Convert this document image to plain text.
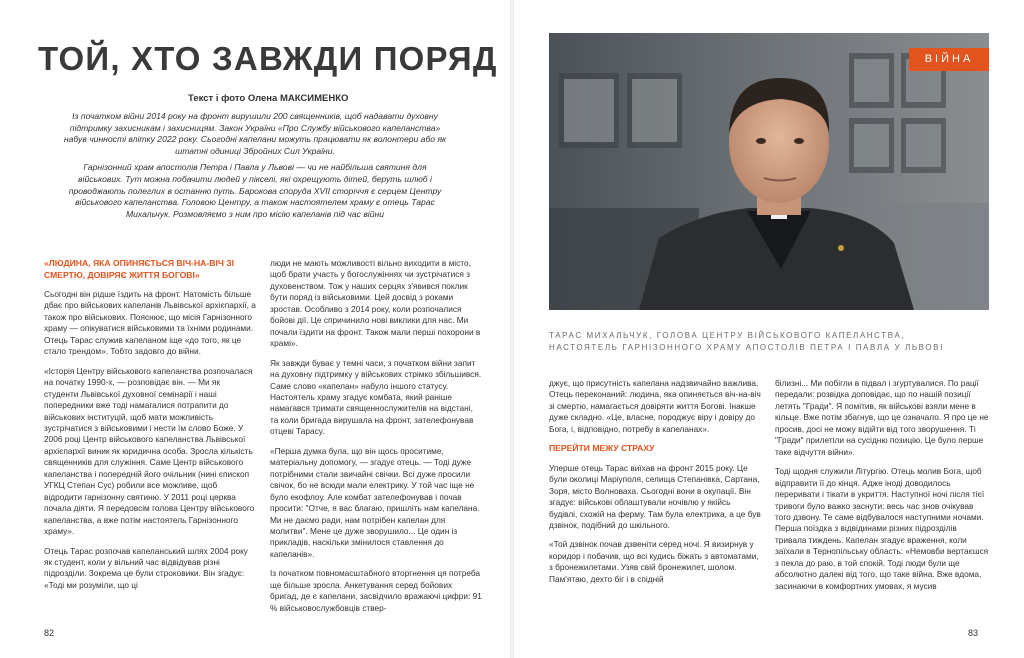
ТОЙ, ХТО ЗАВЖДИ ПОРЯД
Текст і фото Олена МАКСИМЕНКО

Із початком війни 2014 року на фронт вирушили 200 священників, щоб надавати духовну підтримку захисникам і захисницям. Закон України «Про Службу військового капеланства» набув чинності влітку 2022 року. Сьогодні капелани можуть працювати як волонтери або як штатні одиниці Збройних Сил України.

Гарнізонний храм апостолів Петра і Павла у Львові — чи не найбільша святиня для військових. Тут можна побачити людей у пікселі, які охрещують дітей, беруть шлюб і проводжають полеглих в останню путь. Барокова споруда XVII сторіччя є серцем Центру військового капеланства. Головою Центру, а також настоятелем храму є отець Тарас Михальчук. Розмовляємо з ним про місію капеланів під час війни

«ЛЮДИНА, ЯКА ОПИНЯЄТЬСЯ ВІЧ-НА-ВІЧ ЗІ СМЕРТЮ, ДОВІРЯЄ ЖИТТЯ БОГОВІ»

Сьогодні він рідше їздить на фронт. Натомість більше дбає про військових капеланів Львівської архієпархії, а також про військових. Пояснює, що місія Гарнізонного храму — опікуватися військовими та їхніми родинами. Отець Тарас служив капеланом іще «до того, як це стало трендом». Тобто задовго до війни.

«Історія Центру військового капеланства розпочалася на початку 1990-х, — розповідає він. — Ми як студенти Львівської духовної семінарії і наші попередники вже тоді намагалися потрапити до військових інституцій, щоб мати можливість зустрічатися з військовими і нести їм слово Боже. У 2006 році Центр військового капеланства Львівської архієпархії виник як юридична особа. Зросла кількість священників для служіння. Саме Центр військового капеланства і попередній його очільник (нині єпископ УГКЦ Степан Сус) робили все можливе, щоб відродити гарнізонну святиню. У 2011 році церква почала діяти. Я передовсім голова Центру військового капеланства, а вже потім настоятель Гарнізонного храму».

Отець Тарас розпочав капеланський шлях 2004 року як студент, коли у вільний час відвідував різні підрозділи. Зокрема це були строковики. Він згадує: «Тоді ми розуміли, що ці

люди не мають можливості вільно виходити в місто, щоб брати участь у богослужіннях чи зустрічатися з духовенством. Тож у наших серцях з'явився поклик бути поряд із військовими. Цей досвід з роками зростав. Особливо з 2014 року, коли розпочалися бойові дії. Це спричинило нові виклики для нас. Ми почали їздити на фронт. Також мали перші похорони в храмі».

Як завжди буває у темні часи, з початком війни запит на духовну підтримку у військових стрімко збільшився. Саме слово «капелан» набуло іншого статусу. Настоятель храму згадує комбата, який раніше намагався тримати священнослужителів на відстані, та коли бригада вирушала на фронт, зателефонував отцеві Тарасу.

«Перша думка була, що він щось проситиме, матеріальну допомогу, — згадує отець. — Тоді дуже потрібними стали звичайні свічки. Всі дуже просили свічок, бо не всюди мали електрику. У той час іще не було екофлоу. Але комбат зателефонував і почав просити: "Отче, я вас благаю, пришліть нам капелана. Ми не даємо ради, нам потрібен капелан для молитви". Мене це дуже зворушило... Це один із прикладів, наскільки змінилося ставлення до капеланів».

Із початком повномасштабного вторгнення ця потреба ще більше зросла. Анкетування серед бойових бригад, де є капелани, засвідчило вражаючі цифри: 91 % військовослужбовців ствер-

82
ВІЙНА
ТАРАС МИХАЛЬЧУК, ГОЛОВА ЦЕНТРУ ВІЙСЬКОВОГО КАПЕЛАНСТВА,
НАСТОЯТЕЛЬ ГАРНІЗОННОГО ХРАМУ АПОСТОЛІВ ПЕТРА І ПАВЛА У ЛЬВОВІ

джує, що присутність капелана надзвичайно важлива. Отець переконаний: людина, яка опиняється віч-на-віч зі смертю, намагається довіряти життя Богові. Інакше дуже складно. «Це, власне, породжує віру і довіру до Бога, і, відповідно, потребу в капеланах».

ПЕРЕЙТИ МЕЖУ СТРАХУ

Уперше отець Тарас виїхав на фронт 2015 року. Це були околиці Маріуполя, селища Степанівка, Сартана, Зоря, місто Волноваха. Сьогодні вони в окупації. Він згадує: військові облаштували ночівлю у якійсь будівлі, схожій на ферму. Там була електрика, а це був дзвінок, подібний до шкільного.

«Той дзвінок почав дзвеніти серед ночі. Я визирнув у коридор і побачив, що всі кудись біжать з автоматами, з бронежилетами. Узяв свій бронежилет, шолом. Пам'ятаю, дехто біг і в спідній

білизні... Ми побігли в підвал і згуртувалися. По рації передали: розвідка доповідає, що по нашій позиції летять "Гради". Я помітив, як військові взяли мене в кільце. Вже потім збагнув, що це означало. Я про це не просив, досі не можу відійти від того зворушення. Ті "Гради" прилетіли на сусідню позицію. Це було перше таке відчуття війни».

Тоді щодня служили Літургію. Отець молив Бога, щоб відправити її до кінця. Адже іноді доводилось переривати і тікати в укриття. Наступної ночі після тієї тривоги було важко заснути: весь час знов очікував того дзвону. Те саме відбувалося наступними ночами. Перша поїздка з відвідинами різних підрозділів тривала тиждень. Капелан згадує враження, коли заїхали в Тернопільську область: «Немовби вертаєшся з пекла до раю, в той спокій. Тоді люди були ще абсолютно далекі від того, що таке війна. Вже вдома, засинаючи в комфортних умовах, я мусив

83
